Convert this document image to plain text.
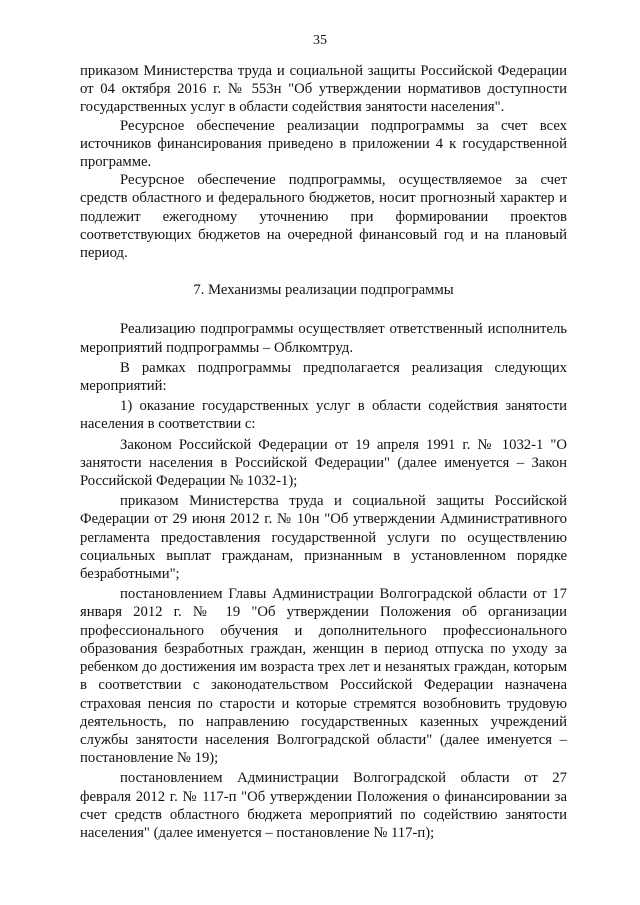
35

приказом Министерства труда и социальной защиты Российской Федерации от 04 октября 2016 г. № 553н "Об утверждении нормативов доступности государственных услуг в области содействия занятости населения".

Ресурсное обеспечение реализации подпрограммы за счет всех источников финансирования приведено в приложении 4 к государственной программе.

Ресурсное обеспечение подпрограммы, осуществляемое за счет средств областного и федерального бюджетов, носит прогнозный характер и подлежит ежегодному уточнению при формировании проектов соответствующих бюджетов на очередной финансовый год и на плановый период.

7. Механизмы реализации подпрограммы

Реализацию подпрограммы осуществляет ответственный исполнитель мероприятий подпрограммы – Облкомтруд.

В рамках подпрограммы предполагается реализация следующих мероприятий:

1) оказание государственных услуг в области содействия занятости населения в соответствии с:

Законом Российской Федерации от 19 апреля 1991 г. № 1032-1 "О занятости населения в Российской Федерации" (далее именуется – Закон Российской Федерации № 1032-1);

приказом Министерства труда и социальной защиты Российской Федерации от 29 июня 2012 г. № 10н "Об утверждении Административного регламента предоставления государственной услуги по осуществлению социальных выплат гражданам, признанным в установленном порядке безработными";

постановлением Главы Администрации Волгоградской области от 17 января 2012 г. № 19 "Об утверждении Положения об организации профессионального обучения и дополнительного профессионального образования безработных граждан, женщин в период отпуска по уходу за ребенком до достижения им возраста трех лет и незанятых граждан, которым в соответствии с законодательством Российской Федерации назначена страховая пенсия по старости и которые стремятся возобновить трудовую деятельность, по направлению государственных казенных учреждений службы занятости населения Волгоградской области" (далее именуется – постановление № 19);

постановлением Администрации Волгоградской области от 27 февраля 2012 г. № 117-п "Об утверждении Положения о финансировании за счет средств областного бюджета мероприятий по содействию занятости населения" (далее именуется – постановление № 117-п);
